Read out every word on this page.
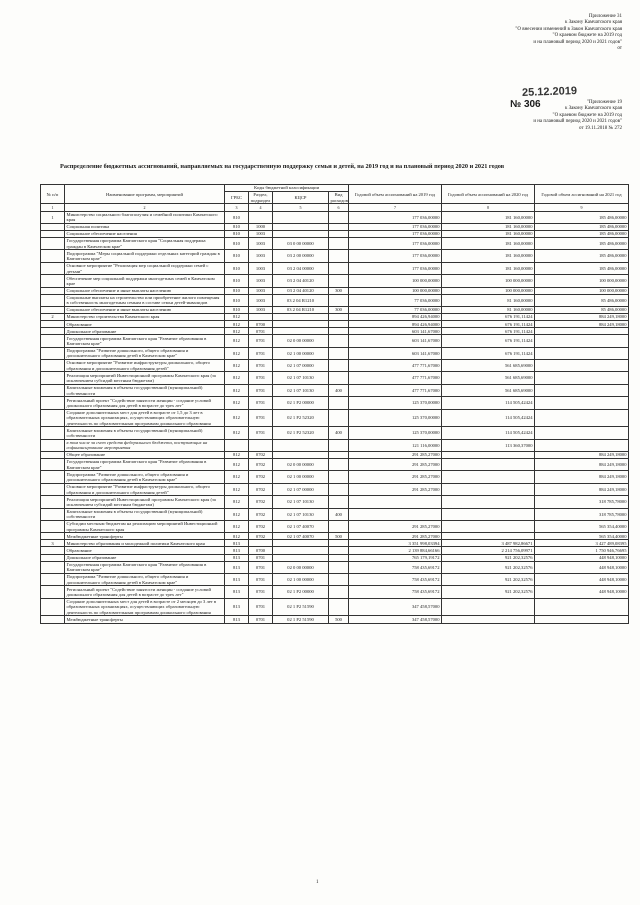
Приложение 31
к Закону Камчатского края
"О внесении изменений в Закон Камчатского края
"О краевом бюджете на 2019 год
и на плановый период 2020 и 2021 годов"
от
25.12.2019
№ 306	"Приложение 19
к Закону Камчатского края
"О краевом бюджете на 2019 год
и на плановый период 2020 и 2021 годов"
от 19.11.2018 № 272
Распределение бюджетных ассигнований, направляемых на государственную поддержку семьи и детей, на 2019 год и на плановый период 2020 и 2021 годов
№ п/п	Наименование программ, мероприятий	Коды бюджетной классификации				Годовой объем ассигнований на 2019 год	Годовой объем ассигнований на 2020 год	Годовой объем ассигнований на 2021 год
		ГРБС	Раздел, подраздел	КЦСР	Вид расходов			
1	2	3	4	5	6	7	8	9
1	Министерство социального благополучия и семейной политики Камчатского края	810				177 036,00000	181 160,00000	185 486,00000
	Социальная политика	810	1000			177 036,00000	181 160,00000	185 486,00000
	Социальное обеспечение населения	810	1003			177 036,00000	181 160,00000	185 486,00000
	Государственная программа Камчатского края "Социальная поддержка граждан в Камчатском крае"	810	1003	03 0 00 00000		177 036,00000	181 160,00000	185 486,00000
	Подпрограмма "Меры социальной поддержки отдельных категорий граждан в Камчатском крае"	810	1003	03 2 00 00000		177 036,00000	181 160,00000	185 486,00000
	Основное мероприятие "Реализация мер социальной поддержки семей с детьми"	810	1003	03 2 04 00000		177 036,00000	181 160,00000	185 486,00000
	Обеспечение мер социальной поддержки многодетных семей в Камчатском крае	810	1003	03 2 04 40120		100 000,00000	100 000,00000	100 000,00000
	Социальное обеспечение и иные выплаты населению	810	1003	03 2 04 40120	300	100 000,00000	100 000,00000	100 000,00000
	Социальные выплаты на строительство или приобретение жилого помещения в собственность многодетным семьям в составе семьи детей-инвалидов	810	1003	03 2 04 R1210		77 036,00000	81 160,00000	85 486,00000
	Социальное обеспечение и иные выплаты населению	810	1003	03 2 04 R1210	300	77 036,00000	81 160,00000	85 486,00000
2	Министерство строительства Камчатского края	812				894 426,94000	676 191,11424	884 249,18000
	Образование	812	0700			894 426,94000	676 191,11424	884 249,18000
	Дошкольное образование	812	0701			603 141,67000	676 191,11424	
	Государственная программа Камчатского края "Развитие образования в Камчатском крае"	812	0701	02 0 00 00000		603 141,67000	676 191,11424	
	Подпрограмма "Развитие дошкольного, общего образования и дополнительного образования детей в Камчатском крае"	812	0701	02 1 00 00000		603 141,67000	676 191,11424	
	Основное мероприятие "Развитие инфраструктуры дошкольного, общего образования и дополнительного образования детей"	812	0701	02 1 07 00000		477 771,67000	561 685,69000	
	Реализация мероприятий Инвестиционной программы Камчатского края (за исключением субсидий местным бюджетам)	812	0701	02 1 07 10130		477 771,67000	561 685,69000	
	Капитальные вложения в объекты государственной (муниципальной) собственности	812	0701	02 1 07 10130	400	477 771,67000	561 685,69000	
	Региональный проект "Содействие занятости женщин - создание условий дошкольного образования для детей в возрасте до трех лет"	812	0701	02 1 P2 00000		125 370,00000	114 505,42424	
	Создание дополнительных мест для детей в возрасте от 1,5 до 3 лет в образовательных организациях, осуществляющих образовательную деятельность по образовательным программам дошкольного образования	812	0701	02 1 P2 52320		125 370,00000	114 505,42424	
	Капитальные вложения в объекты государственной (муниципальной) собственности	812	0701	02 1 P2 52320	400	125 370,00000	114 505,42424	
	в том числе за счет средств федерального бюджета, поступающих на софинансирование мероприятия					121 116,00000	113 360,37000	
	Общее образование	812	0702			291 285,27000		884 249,18000
	Государственная программа Камчатского края "Развитие образования в Камчатском крае"	812	0702	02 0 00 00000		291 285,27000		884 249,18000
	Подпрограмма "Развитие дошкольного, общего образования и дополнительного образования детей в Камчатском крае"	812	0702	02 1 00 00000		291 285,27000		884 249,18000
	Основное мероприятие "Развитие инфраструктуры дошкольного, общего образования и дополнительного образования детей"	812	0702	02 1 07 00000		291 285,27000		884 249,18000
	Реализация мероприятий Инвестиционной программы Камчатского края (за исключением субсидий местным бюджетам)	812	0702	02 1 07 10130				318 785,78000
	Капитальные вложения в объекты государственной (муниципальной) собственности	812	0702	02 1 07 10130	400			318 785,78000
	Субсидии местным бюджетам на реализацию мероприятий Инвестиционной программы Камчатского края	812	0702	02 1 07 40070		291 285,27000		565 354,40000
	Межбюджетные трансферты	812	0702	02 1 07 40070	500	291 285,27000		565 354,40000
3	Министерство образования и молодежной политики Камчатского края	813				3 351 998,03394	3 487 982,86671	3 427 489,08395
	Образование	813	0700			2 139 884,66166	2 214 756,09971	1 750 946,76695
	Дошкольное образование	813	0701			765 179,19172	921 202,32576	448 948,10000
	Государственная программа Камчатского края "Развитие образования в Камчатском крае"	813	0701	02 0 00 00000		758 435,69172	921 202,32576	448 948,10000
	Подпрограмма "Развитие дошкольного, общего образования и дополнительного образования детей в Камчатском крае"	813	0701	02 1 00 00000		758 435,69172	921 202,32576	448 948,10000
	Региональный проект "Содействие занятости женщин - создание условий дошкольного образования для детей в возрасте до трех лет"	813	0701	02 1 P2 00000		758 435,69172	921 202,32576	448 948,10000
	Создание дополнительных мест для детей в возрасте от 2 месяцев до 3 лет в образовательных организациях, осуществляющих образовательную деятельность по образовательным программам дошкольного образования	813	0701	02 1 P2 51590		347 458,57000		
	Межбюджетные трансферты	813	0701	02 1 P2 51590	500	347 458,57000		
1
